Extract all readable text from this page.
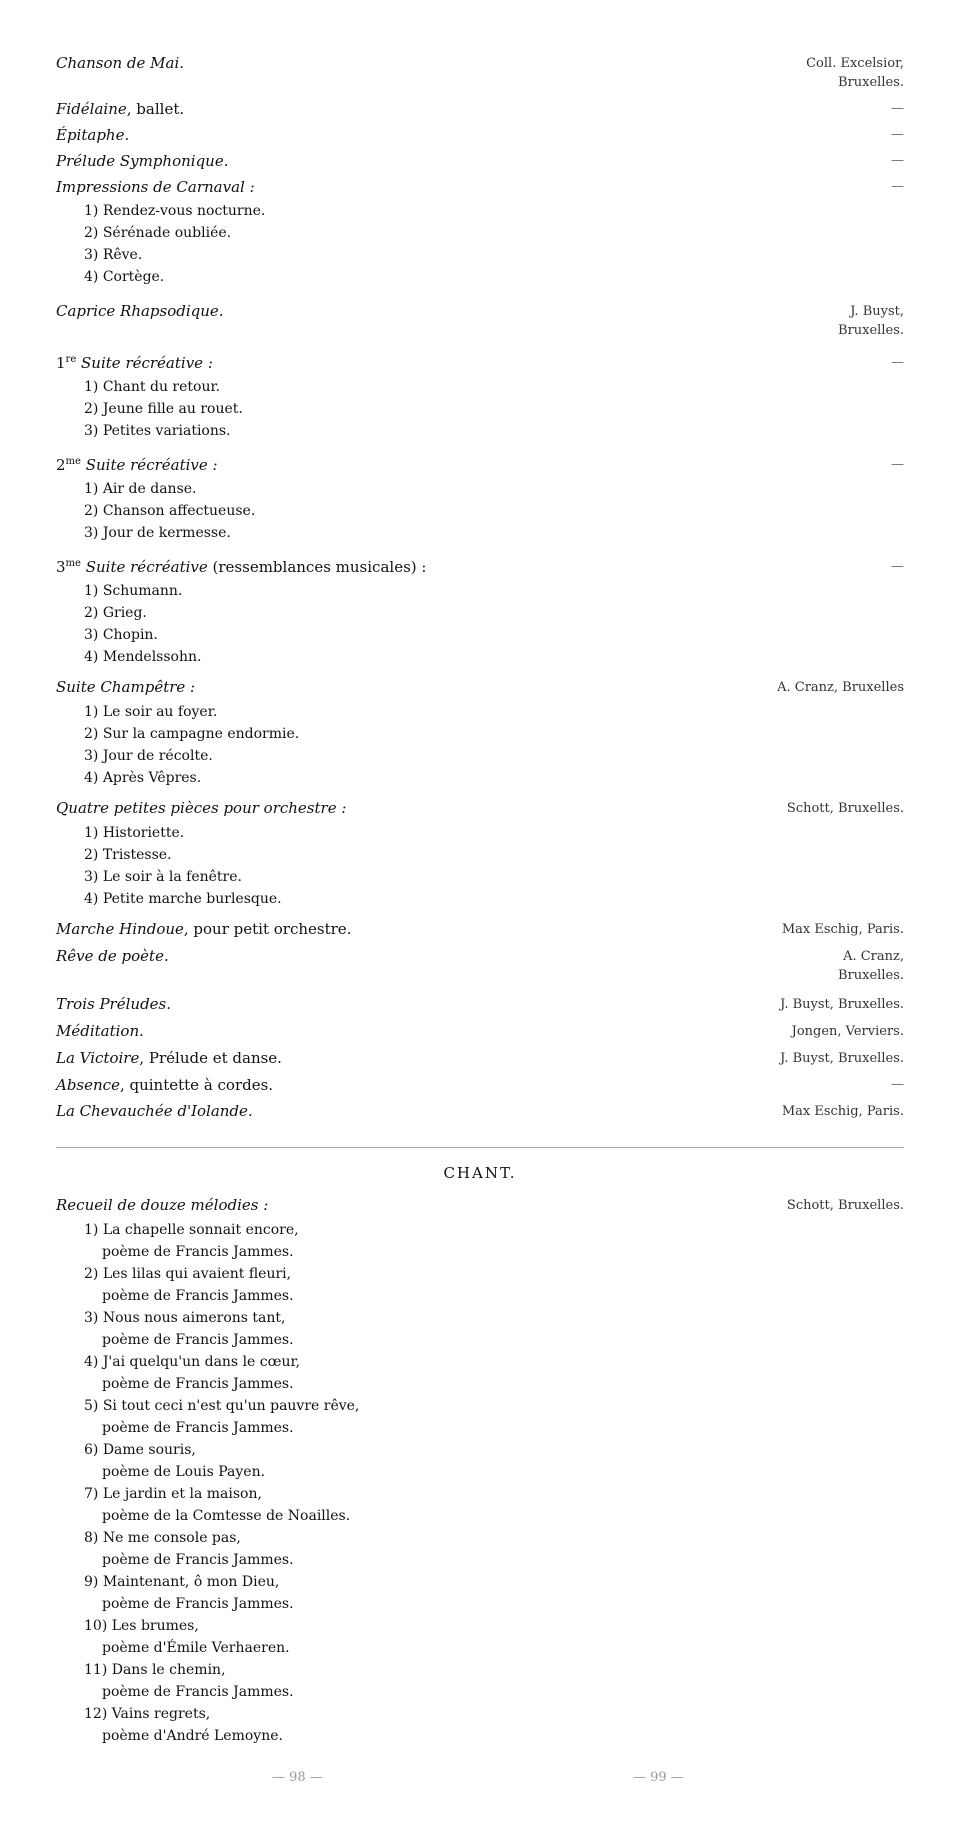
Chanson de Mai.	Coll. Excelsior,
Bruxelles.
Fidélaine, ballet.	—
Épitaphe.	—
Prélude Symphonique.	—
Impressions de Carnaval :	—
1) Rendez-vous nocturne.
2) Sérénade oubliée.
3) Rêve.
4) Cortège.
Caprice Rhapsodique.	J. Buyst,
Bruxelles.
1re Suite récréative :	—
1) Chant du retour.
2) Jeune fille au rouet.
3) Petites variations.
$2^{me}$ Suite récréative :	—
1) Air de danse.
2) Chanson affectueuse.
3) Jour de kermesse.
$3^{me}$ Suite récréative (ressemblances musicales) :	—
1) Schumann.
2) Grieg.
3) Chopin.
4) Mendelssohn.
Suite Champêtre :	A. Cranz, Bruxelles
1) Le soir au foyer.
2) Sur la campagne endormie.
3) Jour de récolte.
4) Après Vêpres.
Quatre petites pièces pour orchestre :	Schott, Bruxelles.
1) Historiette.
2) Tristesse.
3) Le soir à la fenêtre.
4) Petite marche burlesque.
Marche Hindoue, pour petit orchestre.	Max Eschig, Paris.
Rêve de poète.	A. Cranz,
Bruxelles.
Trois Préludes.	J. Buyst, Bruxelles.
Méditation.	Jongen, Verviers.
La Victoire, Prélude et danse.	J. Buyst, Bruxelles.
Absence, quintette à cordes.	—
La Chevauchée d'Iolande.	Max Eschig, Paris.
CHANT.
Recueil de douze mélodies :	Schott, Bruxelles.
1) La chapelle sonnait encore,
poème de Francis Jammes.
2) Les lilas qui avaient fleuri,
poème de Francis Jammes.
3) Nous nous aimerons tant,
poème de Francis Jammes.
4) J'ai quelqu'un dans le cœur,
poème de Francis Jammes.
5) Si tout ceci n'est qu'un pauvre rêve,
poème de Francis Jammes.
6) Dame souris,
poème de Louis Payen.
7) Le jardin et la maison,
poème de la Comtesse de Noailles.
8) Ne me console pas,
poème de Francis Jammes.
9) Maintenant, ô mon Dieu,
poème de Francis Jammes.
10) Les brumes,
poème d'Émile Verhaeren.
11) Dans le chemin,
poème de Francis Jammes.
12) Vains regrets,
poème d'André Lemoyne.
— 98 —	— 99 —
